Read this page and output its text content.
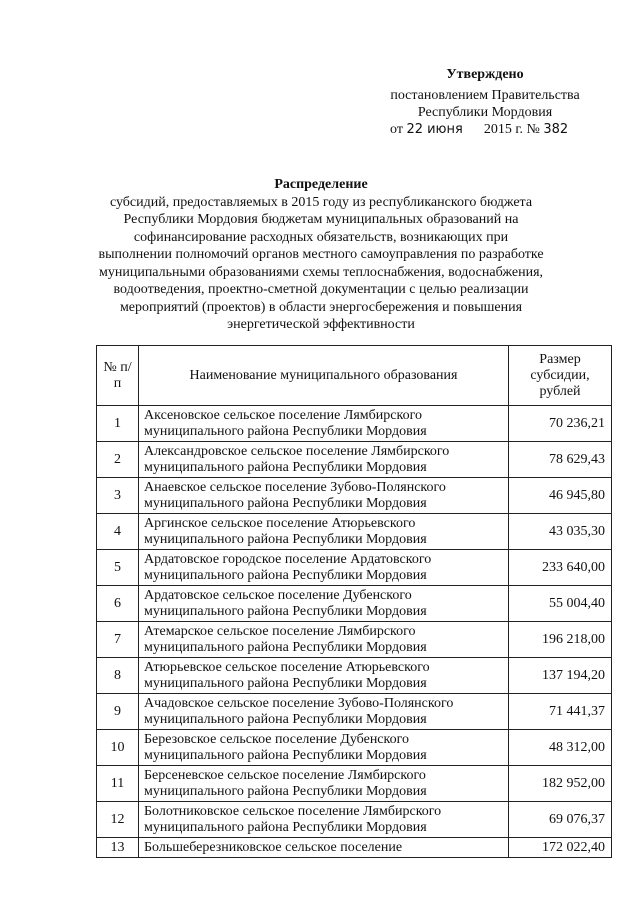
Утверждено
постановлением Правительства
Республики Мордовия
от 22 июня 2015 г. № 382
Распределение
субсидий, предоставляемых в 2015 году из республиканского бюджета Республики Мордовия бюджетам муниципальных образований на софинансирование расходных обязательств, возникающих при выполнении полномочий органов местного самоуправления по разработке муниципальными образованиями схемы теплоснабжения, водоснабжения, водоотведения, проектно-сметной документации с целью реализации мероприятий (проектов) в области энергосбережения и повышения энергетической эффективности
№ п/п	Наименование муниципального образования	Размер субсидии, рублей
1	Аксеновское сельское поселение Лямбирского муниципального района Республики Мордовия	70 236,21
2	Александровское сельское поселение Лямбирского муниципального района Республики Мордовия	78 629,43
3	Анаевское сельское поселение Зубово-Полянского муниципального района Республики Мордовия	46 945,80
4	Аргинское сельское поселение Атюрьевского муниципального района Республики Мордовия	43 035,30
5	Ардатовское городское поселение Ардатовского муниципального района Республики Мордовия	233 640,00
6	Ардатовское сельское поселение Дубенского муниципального района Республики Мордовия	55 004,40
7	Атемарское сельское поселение Лямбирского муниципального района Республики Мордовия	196 218,00
8	Атюрьевское сельское поселение Атюрьевского муниципального района Республики Мордовия	137 194,20
9	Ачадовское сельское поселение Зубово-Полянского муниципального района Республики Мордовия	71 441,37
10	Березовское сельское поселение Дубенского муниципального района Республики Мордовия	48 312,00
11	Берсеневское сельское поселение Лямбирского муниципального района Республики Мордовия	182 952,00
12	Болотниковское сельское поселение Лямбирского муниципального района Республики Мордовия	69 076,37
13	Большеберезниковское сельское поселение	172 022,40
